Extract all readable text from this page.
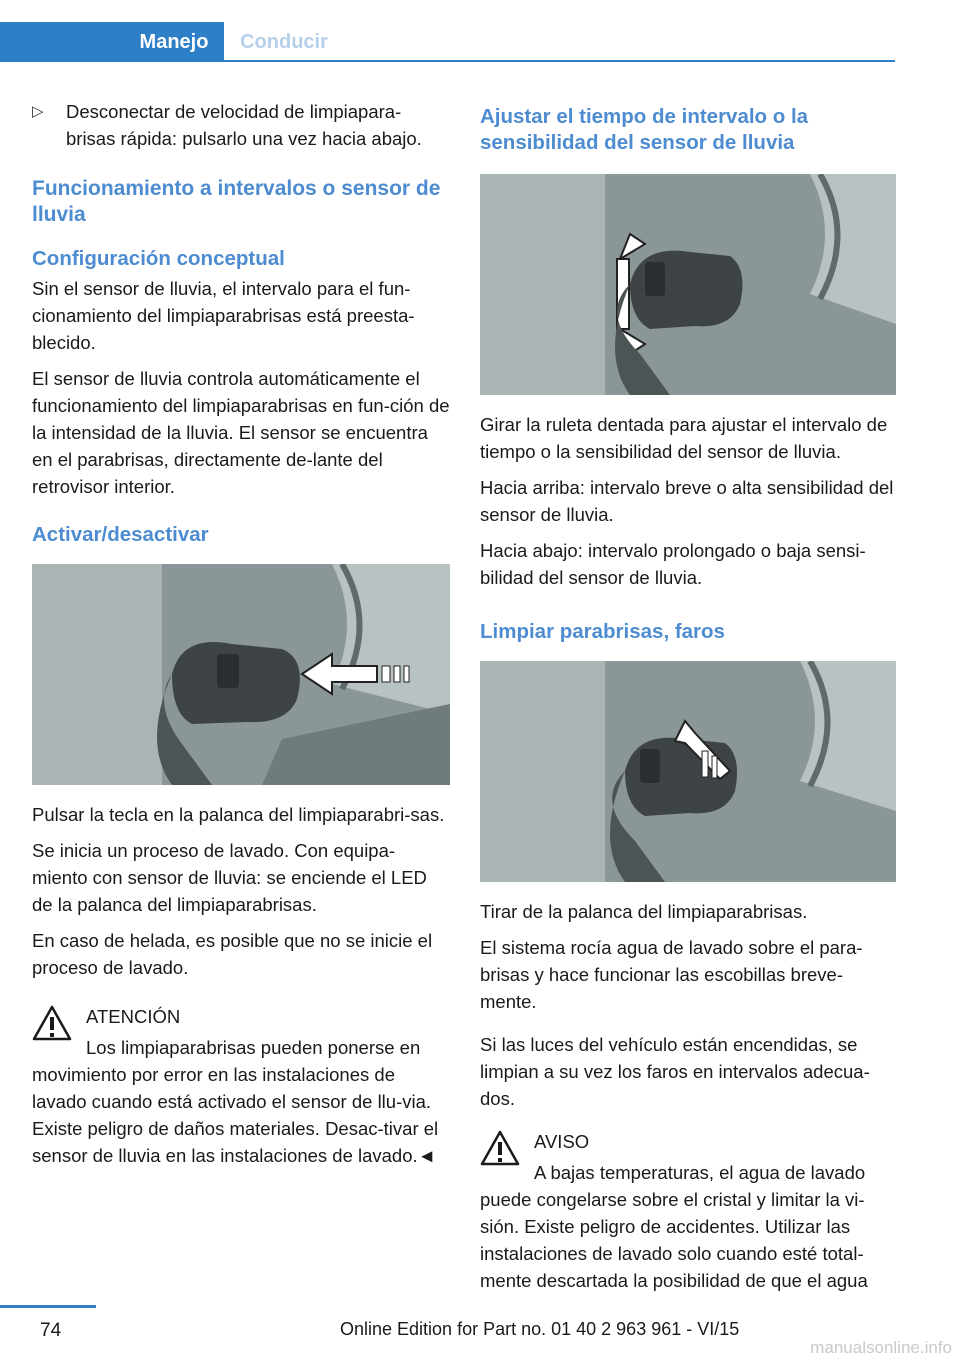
Manejo	Conducir
▷	Desconectar de velocidad de limpiapara‐brisas rápida: pulsarlo una vez hacia abajo.
Funcionamiento a intervalos o sensor de lluvia
Configuración conceptual

Sin el sensor de lluvia, el intervalo para el fun‐cionamiento del limpiaparabrisas está preesta‐blecido.

El sensor de lluvia controla automáticamente el funcionamiento del limpiaparabrisas en fun‐ción de la intensidad de la lluvia. El sensor se encuentra en el parabrisas, directamente de‐lante del retrovisor interior.

Activar/desactivar

Pulsar la tecla en la palanca del limpiaparabri‐sas.

Se inicia un proceso de lavado. Con equipa‐miento con sensor de lluvia: se enciende el LED de la palanca del limpiaparabrisas.

En caso de helada, es posible que no se inicie el proceso de lavado.

ATENCIÓN

Los limpiaparabrisas pueden ponerse en

movimiento por error en las instalaciones de lavado cuando está activado el sensor de llu‐via. Existe peligro de daños materiales. Desac‐tivar el sensor de lluvia en las instalaciones de lavado.◄

Ajustar el tiempo de intervalo o la sensibilidad del sensor de lluvia

Girar la ruleta dentada para ajustar el intervalo de tiempo o la sensibilidad del sensor de lluvia.

Hacia arriba: intervalo breve o alta sensibilidad del sensor de lluvia.

Hacia abajo: intervalo prolongado o baja sensi‐bilidad del sensor de lluvia.

Limpiar parabrisas, faros

Tirar de la palanca del limpiaparabrisas.

El sistema rocía agua de lavado sobre el para‐brisas y hace funcionar las escobillas breve‐mente.

Si las luces del vehículo están encendidas, se limpian a su vez los faros en intervalos adecua‐dos.

AVISO

A bajas temperaturas, el agua de lavado

puede congelarse sobre el cristal y limitar la vi‐sión. Existe peligro de accidentes. Utilizar las instalaciones de lavado solo cuando esté total‐mente descartada la posibilidad de que el agua

74	Online Edition for Part no. 01 40 2 963 961 - VI/15
manualsonline.info
